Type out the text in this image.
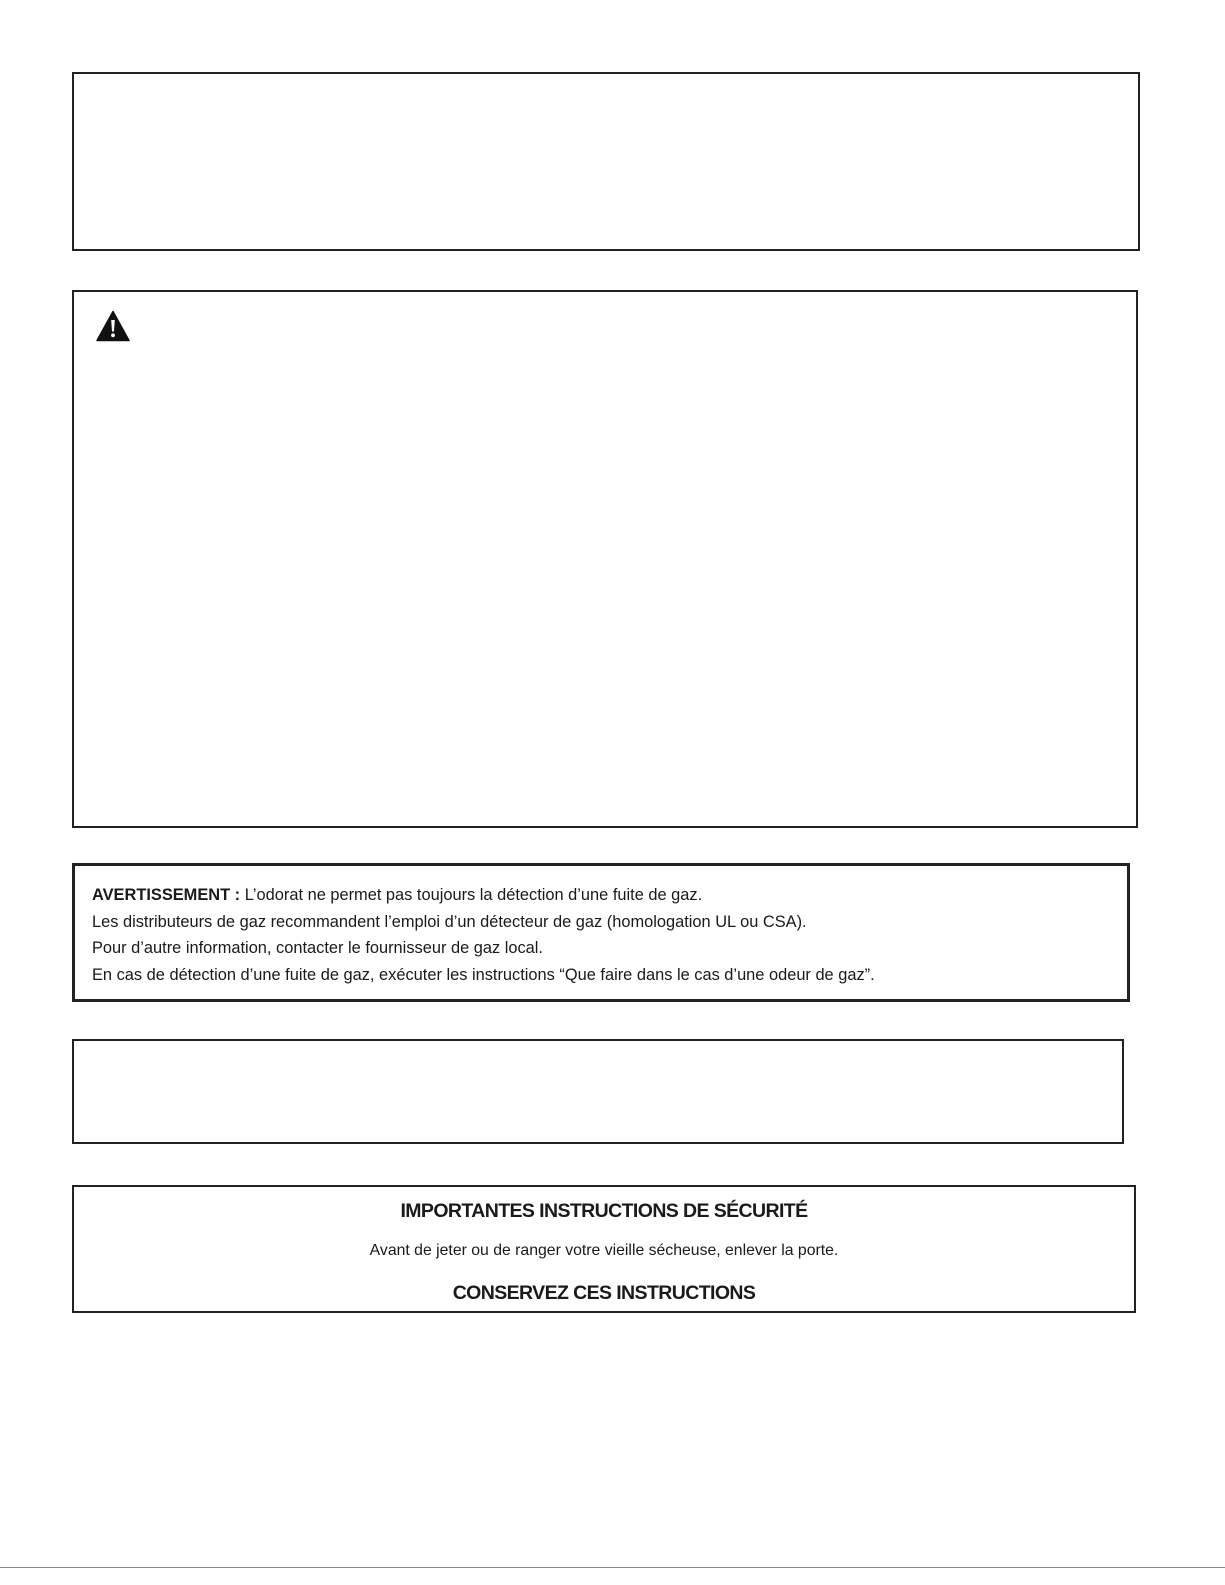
AVERTISSEMENT : L’odorat ne permet pas toujours la détection d’une fuite de gaz.
Les distributeurs de gaz recommandent l’emploi d’un détecteur de gaz (homologation UL ou CSA).
Pour d’autre information, contacter le fournisseur de gaz local.
En cas de détection d’une fuite de gaz, exécuter les instructions “Que faire dans le cas d’une odeur de gaz”.
IMPORTANTES INSTRUCTIONS DE SÉCURITÉ
Avant de jeter ou de ranger votre vieille sécheuse, enlever la porte.
CONSERVEZ CES INSTRUCTIONS
